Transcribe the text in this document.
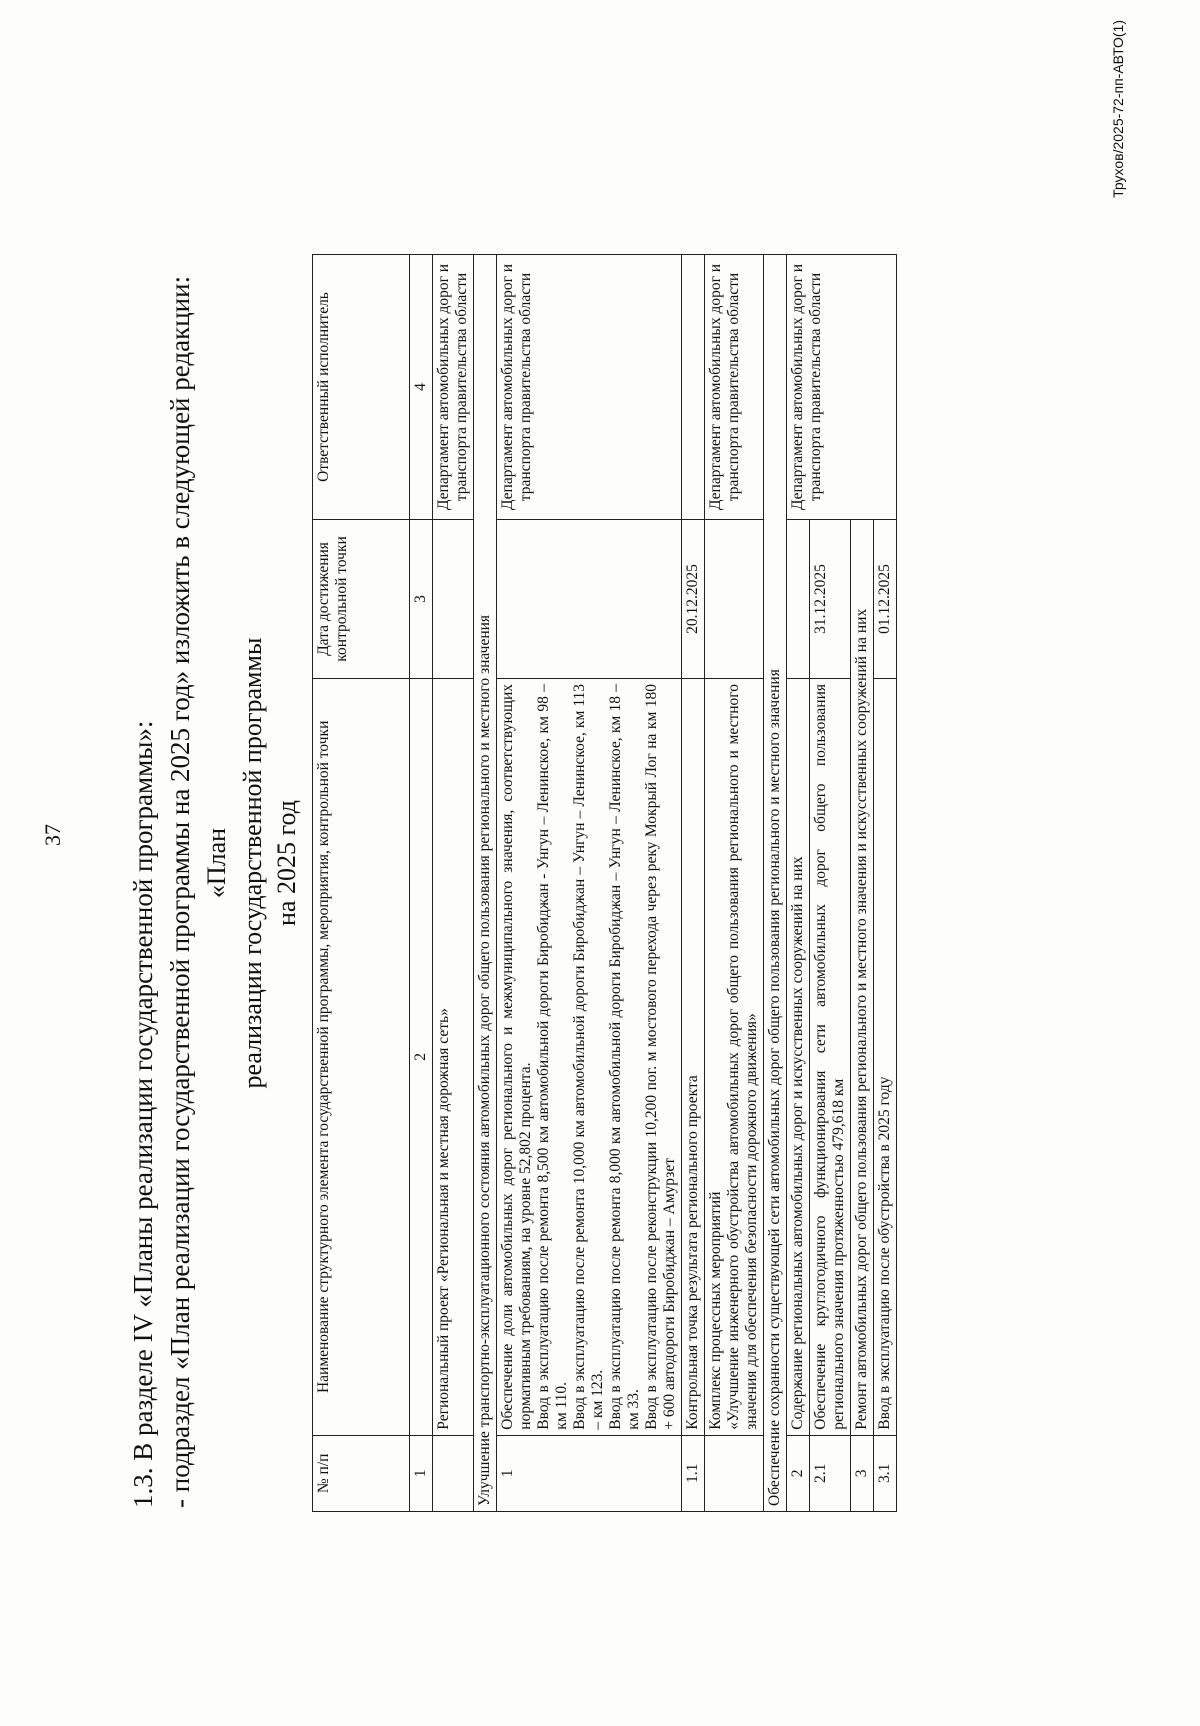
37 1.3. В разделе IV «Планы реализации государственной программы»: - подраздел «План реализации государственной программы на 2025 год» изложить в следующей редакции: «План реализации государственной программы на 2025 год
№ п/п	Наименование структурного элемента государственной программы, мероприятия, контрольной точки	Дата достижения контрольной точки	Ответственный исполнитель
1	2	3	4
	Региональный проект «Региональная и местная дорожная сеть»		Департамент автомобильных дорог и транспорта правительства области
Улучшение транспортно-эксплуатационного состояния автомобильных дорог общего пользования регионального и местного значения			
1	Обеспечение доли автомобильных дорог регионального и межмуниципального значения, соответствующих нормативным требованиям, на уровне 52,802 процента. Ввод в эксплуатацию после ремонта 8,500 км автомобильной дороги Биробиджан - Унгун – Ленинское, км 98 – км 110. Ввод в эксплуатацию после ремонта 10,000 км автомобильной дороги Биробиджан – Унгун – Ленинское, км 113 – км 123. Ввод в эксплуатацию после ремонта 8,000 км автомобильной дороги Биробиджан – Унгун – Ленинское, км 18 – км 33. Ввод в эксплуатацию после реконструкции 10,200 пог. м мостового перехода через реку Мокрый Лог на км 180 + 600 автодороги Биробиджан – Амурзет		Департамент автомобильных дорог и транспорта правительства области
1.1	Контрольная точка результата регионального проекта	20.12.2025	

	Комплекс процессных мероприятий «Улучшение инженерного обустройства автомобильных дорог общего пользования регионального и местного значения для обеспечения безопасности дорожного движения»		Департамент автомобильных дорог и транспорта правительства области
Обеспечение сохранности существующей сети автомобильных дорог общего пользования регионального и местного значения			
2	Содержание региональных автомобильных дорог и искусственных сооружений на них		Департамент автомобильных дорог и транспорта правительства области
2.1	Обеспечение круглогодичного функционирования сети автомобильных дорог общего пользования регионального значения протяженностью 479,618 км	31.12.2025	
3	Ремонт автомобильных дорог общего пользования регионального и местного значения и искусственных сооружений на них		
3.1	Ввод в эксплуатацию после обустройства в 2025 году	01.12.2025	
Трухов/2025-72-пп-АВТО(1)
